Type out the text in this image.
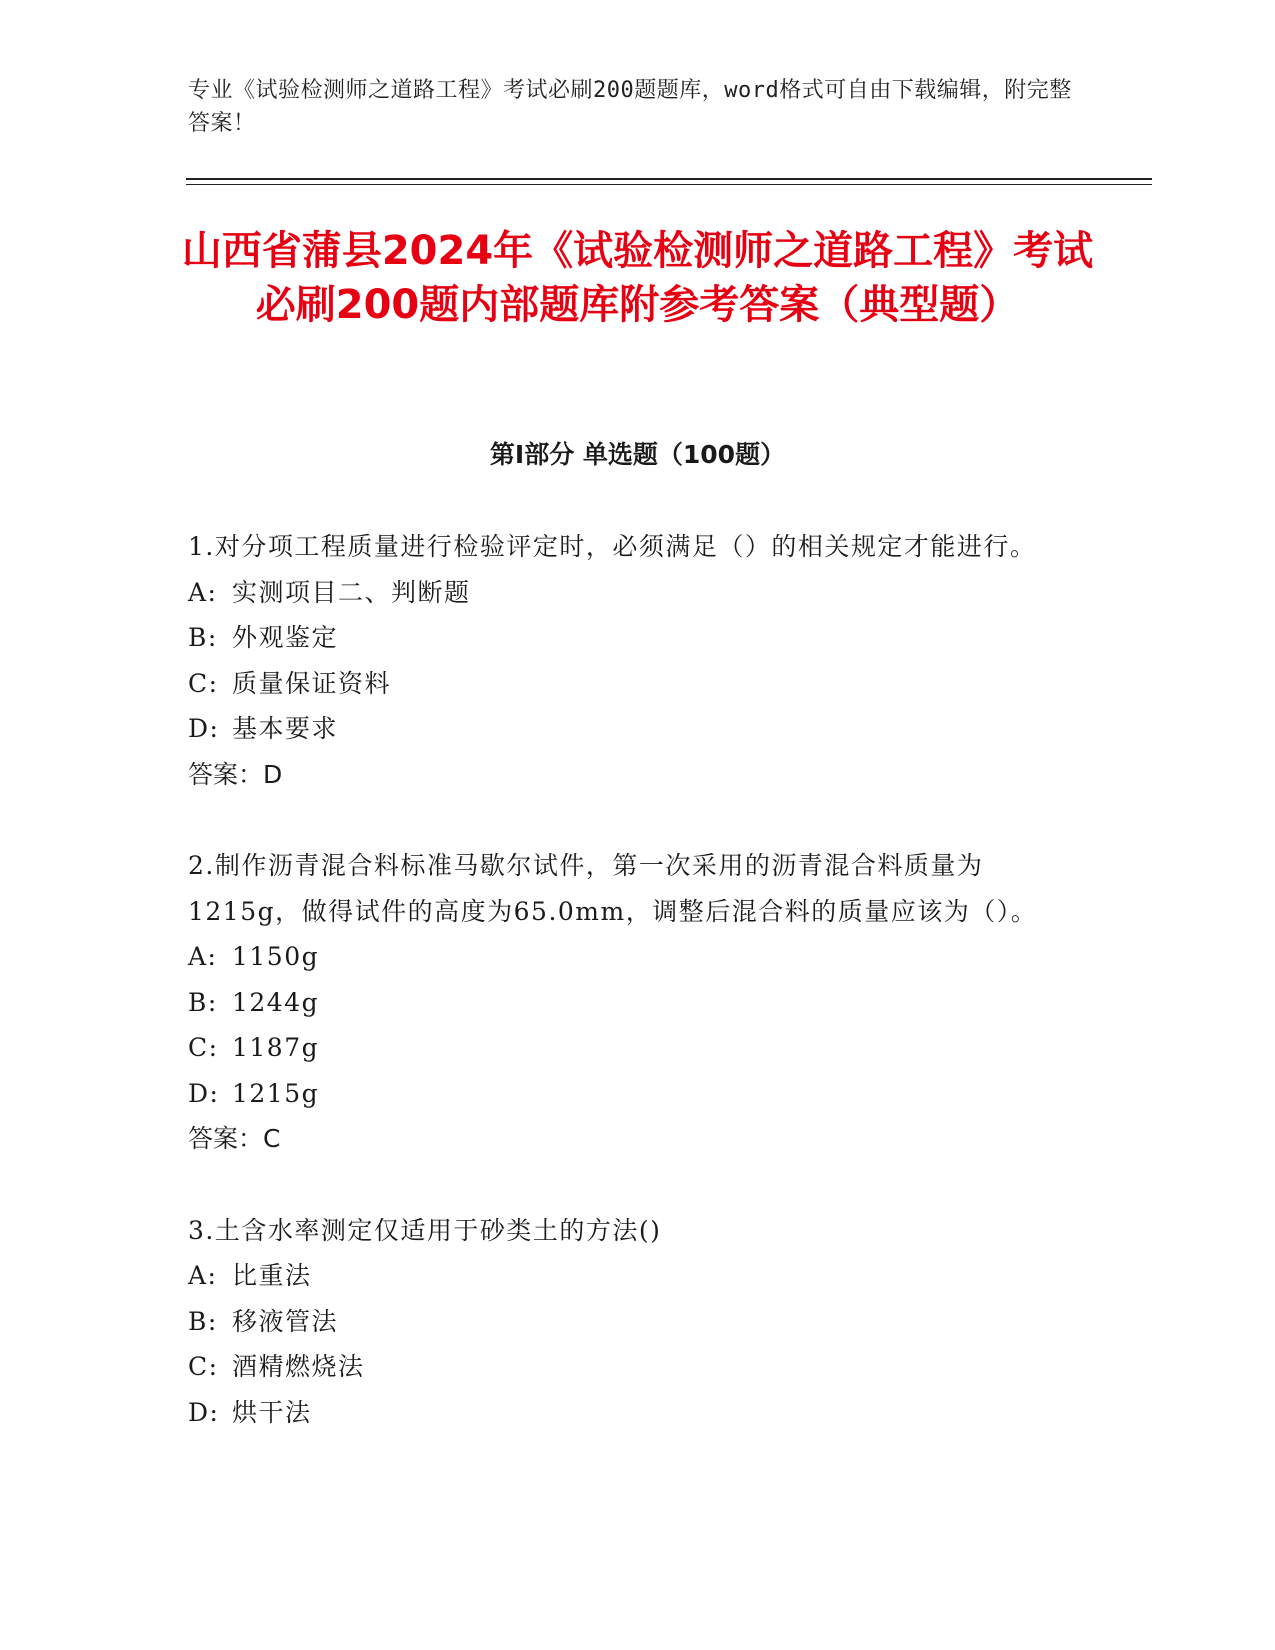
专业《试验检测师之道路工程》考试必刷200题题库，word格式可自由下载编辑，附完整答案！
山西省蒲县2024年《试验检测师之道路工程》考试必刷200题内部题库附参考答案（典型题）
第I部分 单选题（100题）

1.对分项工程质量进行检验评定时，必须满足（）的相关规定才能进行。

A: 实测项目二、判断题

B: 外观鉴定

C: 质量保证资料

D: 基本要求

答案：D

2.制作沥青混合料标准马歇尔试件，第一次采用的沥青混合料质量为1215g，做得试件的高度为65.0mm，调整后混合料的质量应该为（）。

A: 1150g

B: 1244g

C: 1187g

D: 1215g

答案：C

3.土含水率测定仅适用于砂类土的方法()

A: 比重法

B: 移液管法

C: 酒精燃烧法

D: 烘干法
